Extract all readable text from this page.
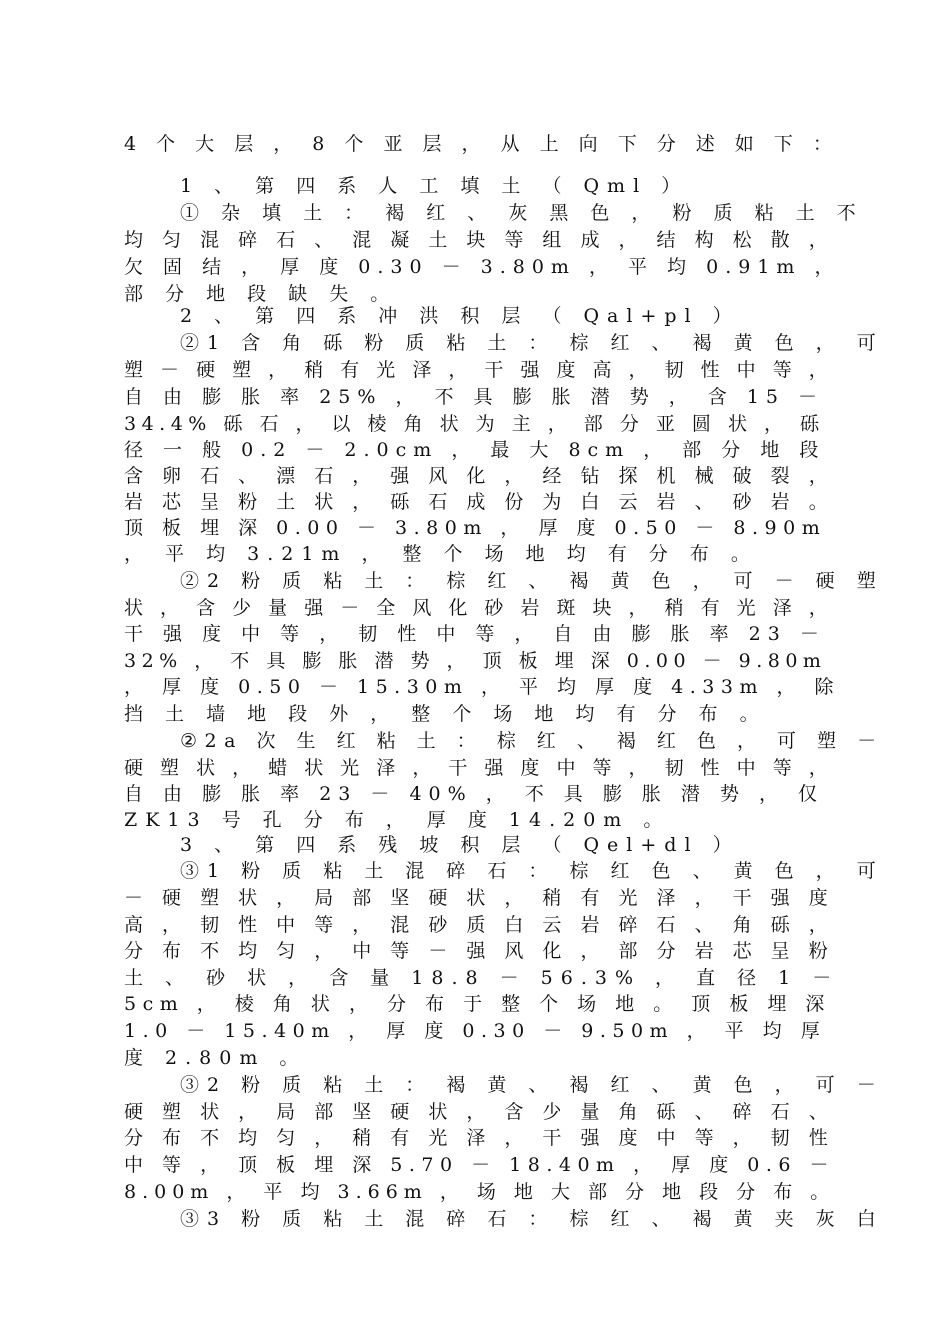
4 个 大 层 ， 8 个 亚 层 ， 从 上 向 下 分 述 如 下 ：
1 、 第 四 系 人 工 填 土 （ Qml ）
① 杂 填 土 ： 褐 红 、 灰 黑 色 ， 粉 质 粘 土 不
均 匀 混 碎 石 、 混 凝 土 块 等 组 成 ， 结 构 松 散 ，
欠 固 结 ， 厚 度 0.30 － 3.80m ， 平 均 0.91m ，
部 分 地 段 缺 失 。
2 、 第 四 系 冲 洪 积 层 （ Qal+pl ）
②1 含 角 砾 粉 质 粘 土 ： 棕 红 、 褐 黄 色 ， 可
塑 － 硬 塑 ， 稍 有 光 泽 ， 干 强 度 高 ， 韧 性 中 等 ，
自 由 膨 胀 率 25% ， 不 具 膨 胀 潜 势 ， 含 15 －
34.4% 砾 石 ， 以 棱 角 状 为 主 ， 部 分 亚 圆 状 ， 砾
径 一 般 0.2 － 2.0cm ， 最 大 8cm ， 部 分 地 段
含 卵 石 、 漂 石 ， 强 风 化 ， 经 钻 探 机 械 破 裂 ，
岩 芯 呈 粉 土 状 ， 砾 石 成 份 为 白 云 岩 、 砂 岩 。
顶 板 埋 深 0.00 － 3.80m ， 厚 度 0.50 － 8.90m
， 平 均 3.21m ， 整 个 场 地 均 有 分 布 。
②2 粉 质 粘 土 ： 棕 红 、 褐 黄 色 ， 可 － 硬 塑
状 ， 含 少 量 强 － 全 风 化 砂 岩 斑 块 ， 稍 有 光 泽 ，
干 强 度 中 等 ， 韧 性 中 等 ， 自 由 膨 胀 率 23 －
32% ， 不 具 膨 胀 潜 势 ， 顶 板 埋 深 0.00 － 9.80m
， 厚 度 0.50 － 15.30m ， 平 均 厚 度 4.33m ， 除
挡 土 墙 地 段 外 ， 整 个 场 地 均 有 分 布 。
②2a 次 生 红 粘 土 ： 棕 红 、 褐 红 色 ， 可 塑 －
硬 塑 状 ， 蜡 状 光 泽 ， 干 强 度 中 等 ， 韧 性 中 等 ，
自 由 膨 胀 率 23 － 40% ， 不 具 膨 胀 潜 势 ， 仅
ZK13 号 孔 分 布 ， 厚 度 14.20m 。
3 、 第 四 系 残 坡 积 层 （ Qel+dl ）
③1 粉 质 粘 土 混 碎 石 ： 棕 红 色 、 黄 色 ， 可
－ 硬 塑 状 ， 局 部 坚 硬 状 ， 稍 有 光 泽 ， 干 强 度
高 ， 韧 性 中 等 ， 混 砂 质 白 云 岩 碎 石 、 角 砾 ，
分 布 不 均 匀 ， 中 等 － 强 风 化 ， 部 分 岩 芯 呈 粉
土 、 砂 状 ， 含 量 18.8 － 56.3% ， 直 径 1 －
5cm ， 棱 角 状 ， 分 布 于 整 个 场 地 。 顶 板 埋 深
1.0 － 15.40m ， 厚 度 0.30 － 9.50m ， 平 均 厚
度 2.80m 。
③2 粉 质 粘 土 ： 褐 黄 、 褐 红 、 黄 色 ， 可 －
硬 塑 状 ， 局 部 坚 硬 状 ， 含 少 量 角 砾 、 碎 石 、
分 布 不 均 匀 ， 稍 有 光 泽 ， 干 强 度 中 等 ， 韧 性
中 等 ， 顶 板 埋 深 5.70 － 18.40m ， 厚 度 0.6 －
8.00m ， 平 均 3.66m ， 场 地 大 部 分 地 段 分 布 。
③3 粉 质 粘 土 混 碎 石 ： 棕 红 、 褐 黄 夹 灰 白
